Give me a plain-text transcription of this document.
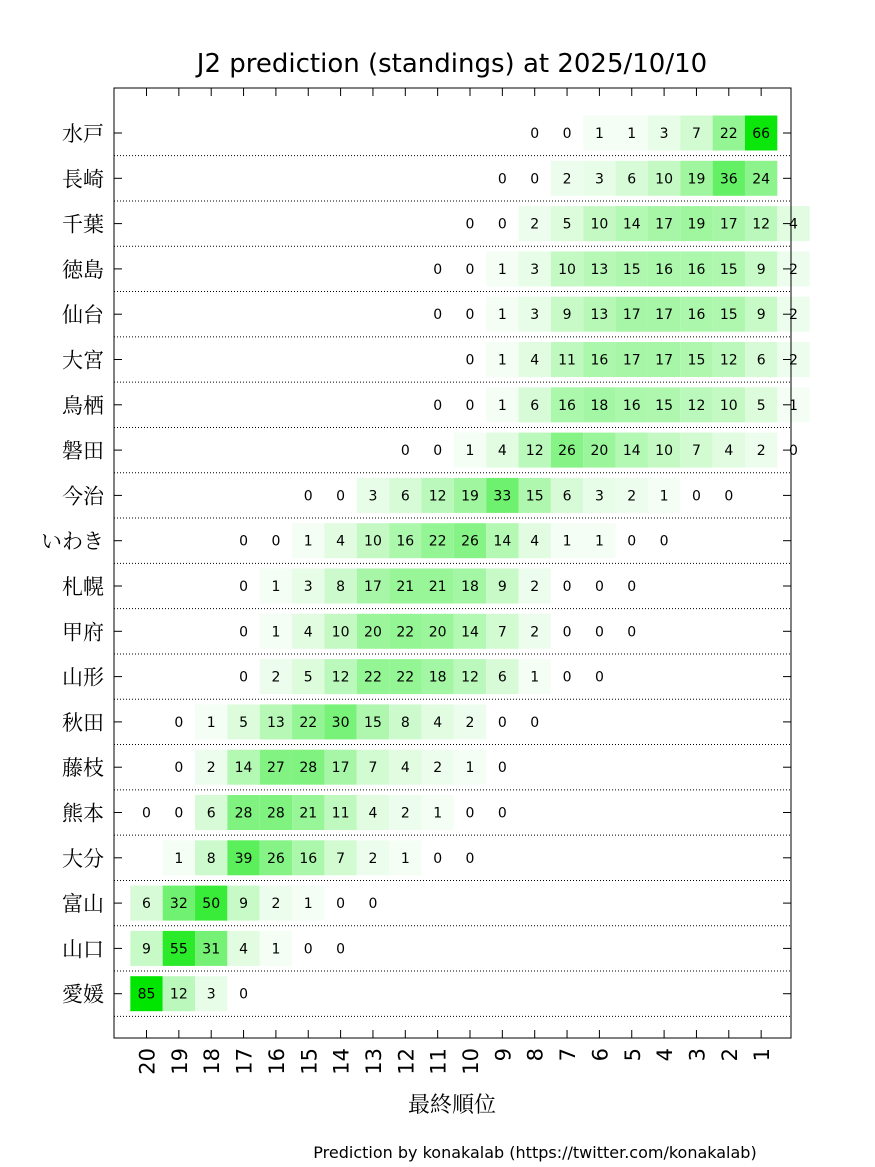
J2 prediction (standings) at 2025/10/10
水戸
長崎
千葉
徳島
仙台
大宮
鳥栖
磐田
今治
いわき
札幌
甲府
山形
秋田
藤枝
熊本
大分
富山
山口
愛媛
20 19 18 17 16 15 14 13 12 11 10 9 8 7 6 5 4 3 2 1
0 0 1 1 3 7 22 66
0 0 2 3 6 10 19 36 24
0 0 2 5 10 14 17 19 17 12 4
0 0 1 3 10 13 15 16 16 15 9 2
0 0 1 3 9 13 17 17 16 15 9 2
0 1 4 11 16 17 17 15 12 6 2
0 0 1 6 16 18 16 15 12 10 5 1
0 0 1 4 12 26 20 14 10 7 4 2 0
0 0 3 6 12 19 33 15 6 3 2 1 0 0
0 0 1 4 10 16 22 26 14 4 1 1 0 0
0 1 3 8 17 21 21 18 9 2 0 0 0
0 1 4 10 20 22 20 14 7 2 0 0 0
0 2 5 12 22 22 18 12 6 1 0 0
0 1 5 13 22 30 15 8 4 2 0 0
0 2 14 27 28 17 7 4 2 1 0
0 0 6 28 28 21 11 4 2 1 0 0
1 8 39 26 16 7 2 1 0 0
6 32 50 9 2 1 0 0
9 55 31 4 1 0 0
85 12 3 0
最終順位
Prediction by konakalab (https://twitter.com/konakalab)
